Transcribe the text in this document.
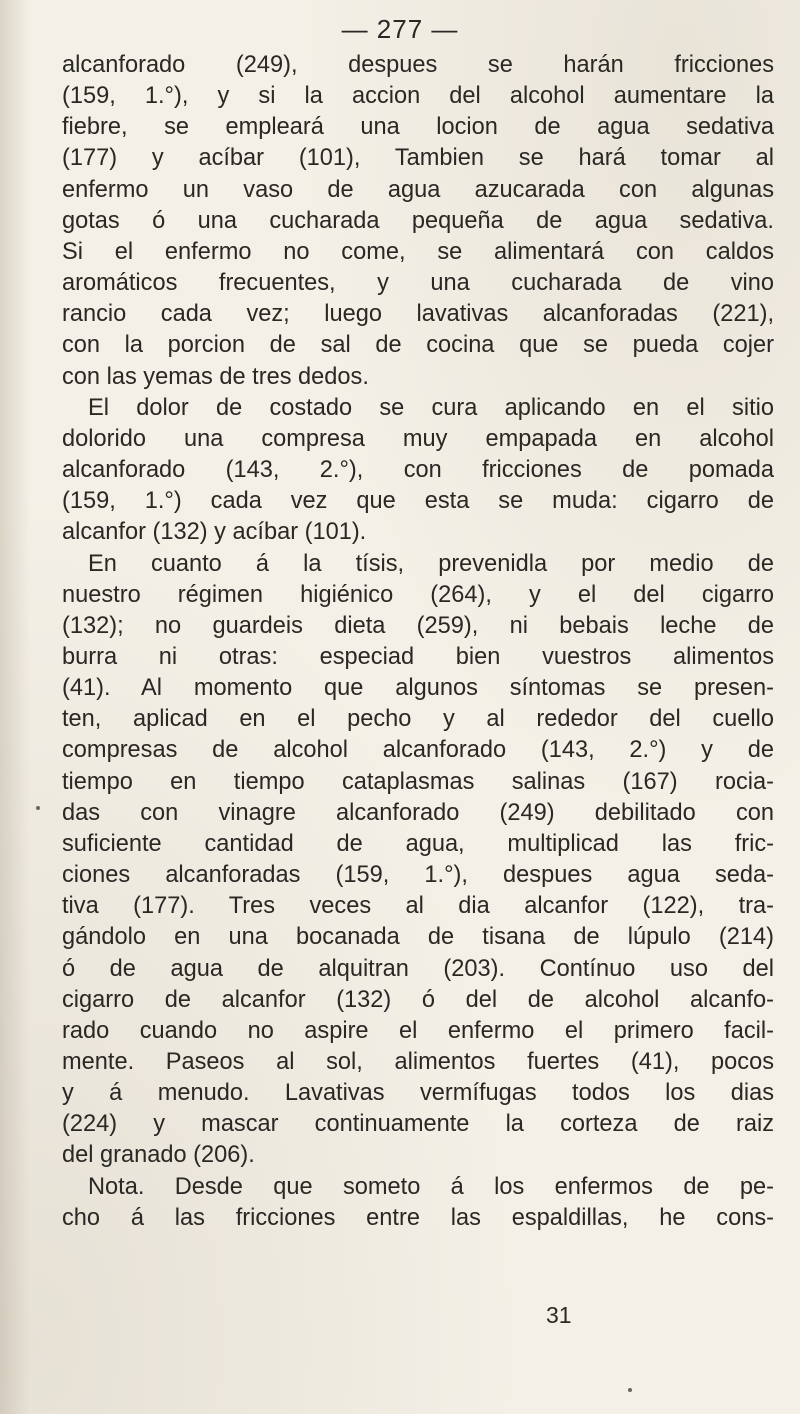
— 277 —
alcanforado (249), despues se harán fricciones
(159, 1.°), y si la accion del alcohol aumentare la
fiebre, se empleará una locion de agua sedativa
(177) y acíbar (101), Tambien se hará tomar al
enfermo un vaso de agua azucarada con algunas
gotas ó una cucharada pequeña de agua sedativa.
Si el enfermo no come, se alimentará con caldos
aromáticos frecuentes, y una cucharada de vino
rancio cada vez; luego lavativas alcanforadas (221),
con la porcion de sal de cocina que se pueda cojer
con las yemas de tres dedos.
El dolor de costado se cura aplicando en el sitio
dolorido una compresa muy empapada en alcohol
alcanforado (143, 2.°), con fricciones de pomada
(159, 1.°) cada vez que esta se muda: cigarro de
alcanfor (132) y acíbar (101).
En cuanto á la tísis, prevenidla por medio de
nuestro régimen higiénico (264), y el del cigarro
(132); no guardeis dieta (259), ni bebais leche de
burra ni otras: especiad bien vuestros alimentos
(41). Al momento que algunos síntomas se presen-
ten, aplicad en el pecho y al rededor del cuello
compresas de alcohol alcanforado (143, 2.°) y de
tiempo en tiempo cataplasmas salinas (167) rocia-
das con vinagre alcanforado (249) debilitado con
suficiente cantidad de agua, multiplicad las fric-
ciones alcanforadas (159, 1.°), despues agua seda-
tiva (177). Tres veces al dia alcanfor (122), tra-
gándolo en una bocanada de tisana de lúpulo (214)
ó de agua de alquitran (203). Contínuo uso del
cigarro de alcanfor (132) ó del de alcohol alcanfo-
rado cuando no aspire el enfermo el primero facil-
mente. Paseos al sol, alimentos fuertes (41), pocos
y á menudo. Lavativas vermífugas todos los dias
(224) y mascar continuamente la corteza de raiz
del granado (206).
Nota. Desde que someto á los enfermos de pe-
cho á las fricciones entre las espaldillas, he cons-
31
